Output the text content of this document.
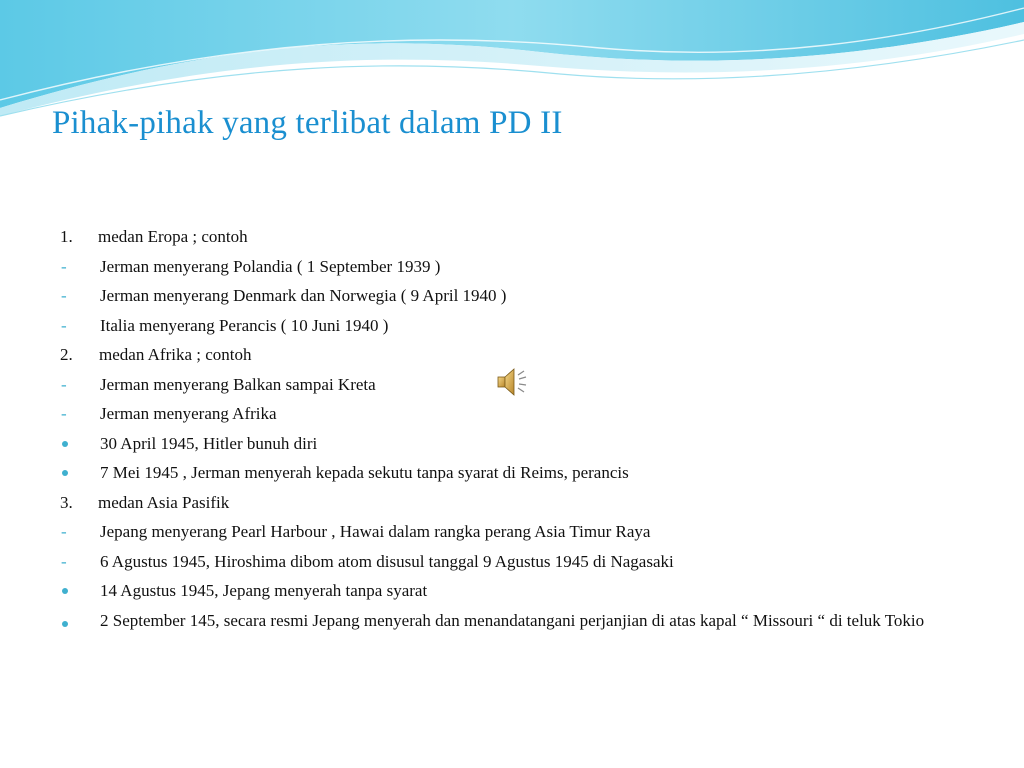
Pihak-pihak yang terlibat dalam PD II
1.	medan Eropa ; contoh
-	Jerman menyerang Polandia ( 1 September 1939 )
-	Jerman menyerang Denmark dan Norwegia ( 9 April 1940 )
-	Italia menyerang Perancis ( 10 Juni 1940 )
2. medan Afrika ; contoh
-	Jerman menyerang Balkan sampai Kreta
-	Jerman menyerang Afrika
30 April 1945, Hitler bunuh diri
7 Mei 1945 , Jerman menyerah kepada sekutu tanpa syarat di Reims, perancis
3.	medan Asia Pasifik
-	Jepang menyerang Pearl Harbour , Hawai dalam rangka perang Asia Timur Raya
-	6 Agustus 1945, Hiroshima dibom atom disusul tanggal 9 Agustus 1945 di Nagasaki
14 Agustus 1945, Jepang menyerah tanpa syarat
2 September 145, secara resmi Jepang menyerah dan menandatangani perjanjian di atas kapal “ Missouri “ di teluk Tokio
